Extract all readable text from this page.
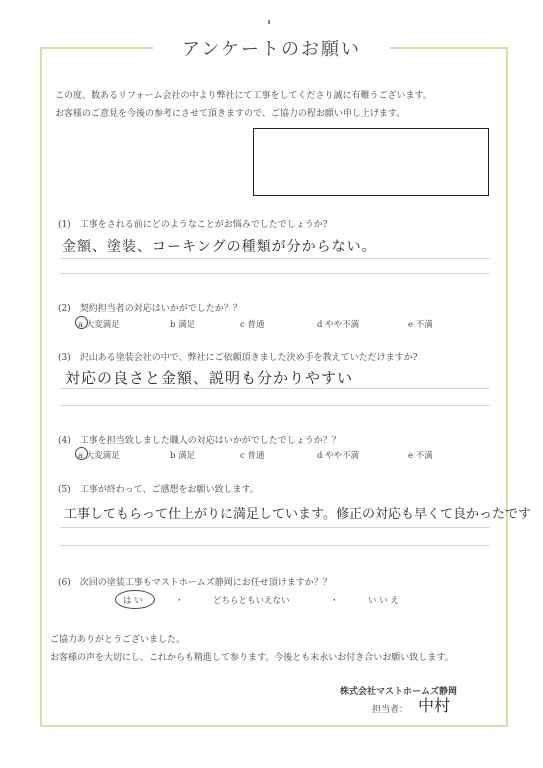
アンケートのお願い
この度、数あるリフォーム会社の中より弊社にて工事をしてくださり誠に有難うございます。
お客様のご意見を今後の参考にさせて頂きますので、ご協力の程お願い申し上げます。
(1)　工事をされる前にどのようなことがお悩みでしたでしょうか?
金額、塗装、コーキングの種類が分からない。
(2)　契約担当者の対応はいかがでしたか？？
a 大変満足	b 満足	c 普通	d やや不満	e 不満
(3)　沢山ある塗装会社の中で、弊社にご依頼頂きました決め手を教えていただけますか?
対応の良さと金額、説明も分かりやすい
(4)　工事を担当致しました職人の対応はいかがでしたでしょうか？？
a 大変満足	b 満足	c 普通	d やや不満	e 不満
(5)　工事が終わって、ご感想をお願い致します。
工事してもらって仕上がりに満足しています。修正の対応も早くて良かったです
(6)　次回の塗装工事もマストホームズ静岡にお任せ頂けますか？？
は い	・	どちらともいえない	・	い い え
ご協力ありがとうございました。
お客様の声を大切にし、これからも精進して参ります。今後とも末永いお付き合いお願い致します。
株式会社マストホームズ静岡
担当者： 中村
